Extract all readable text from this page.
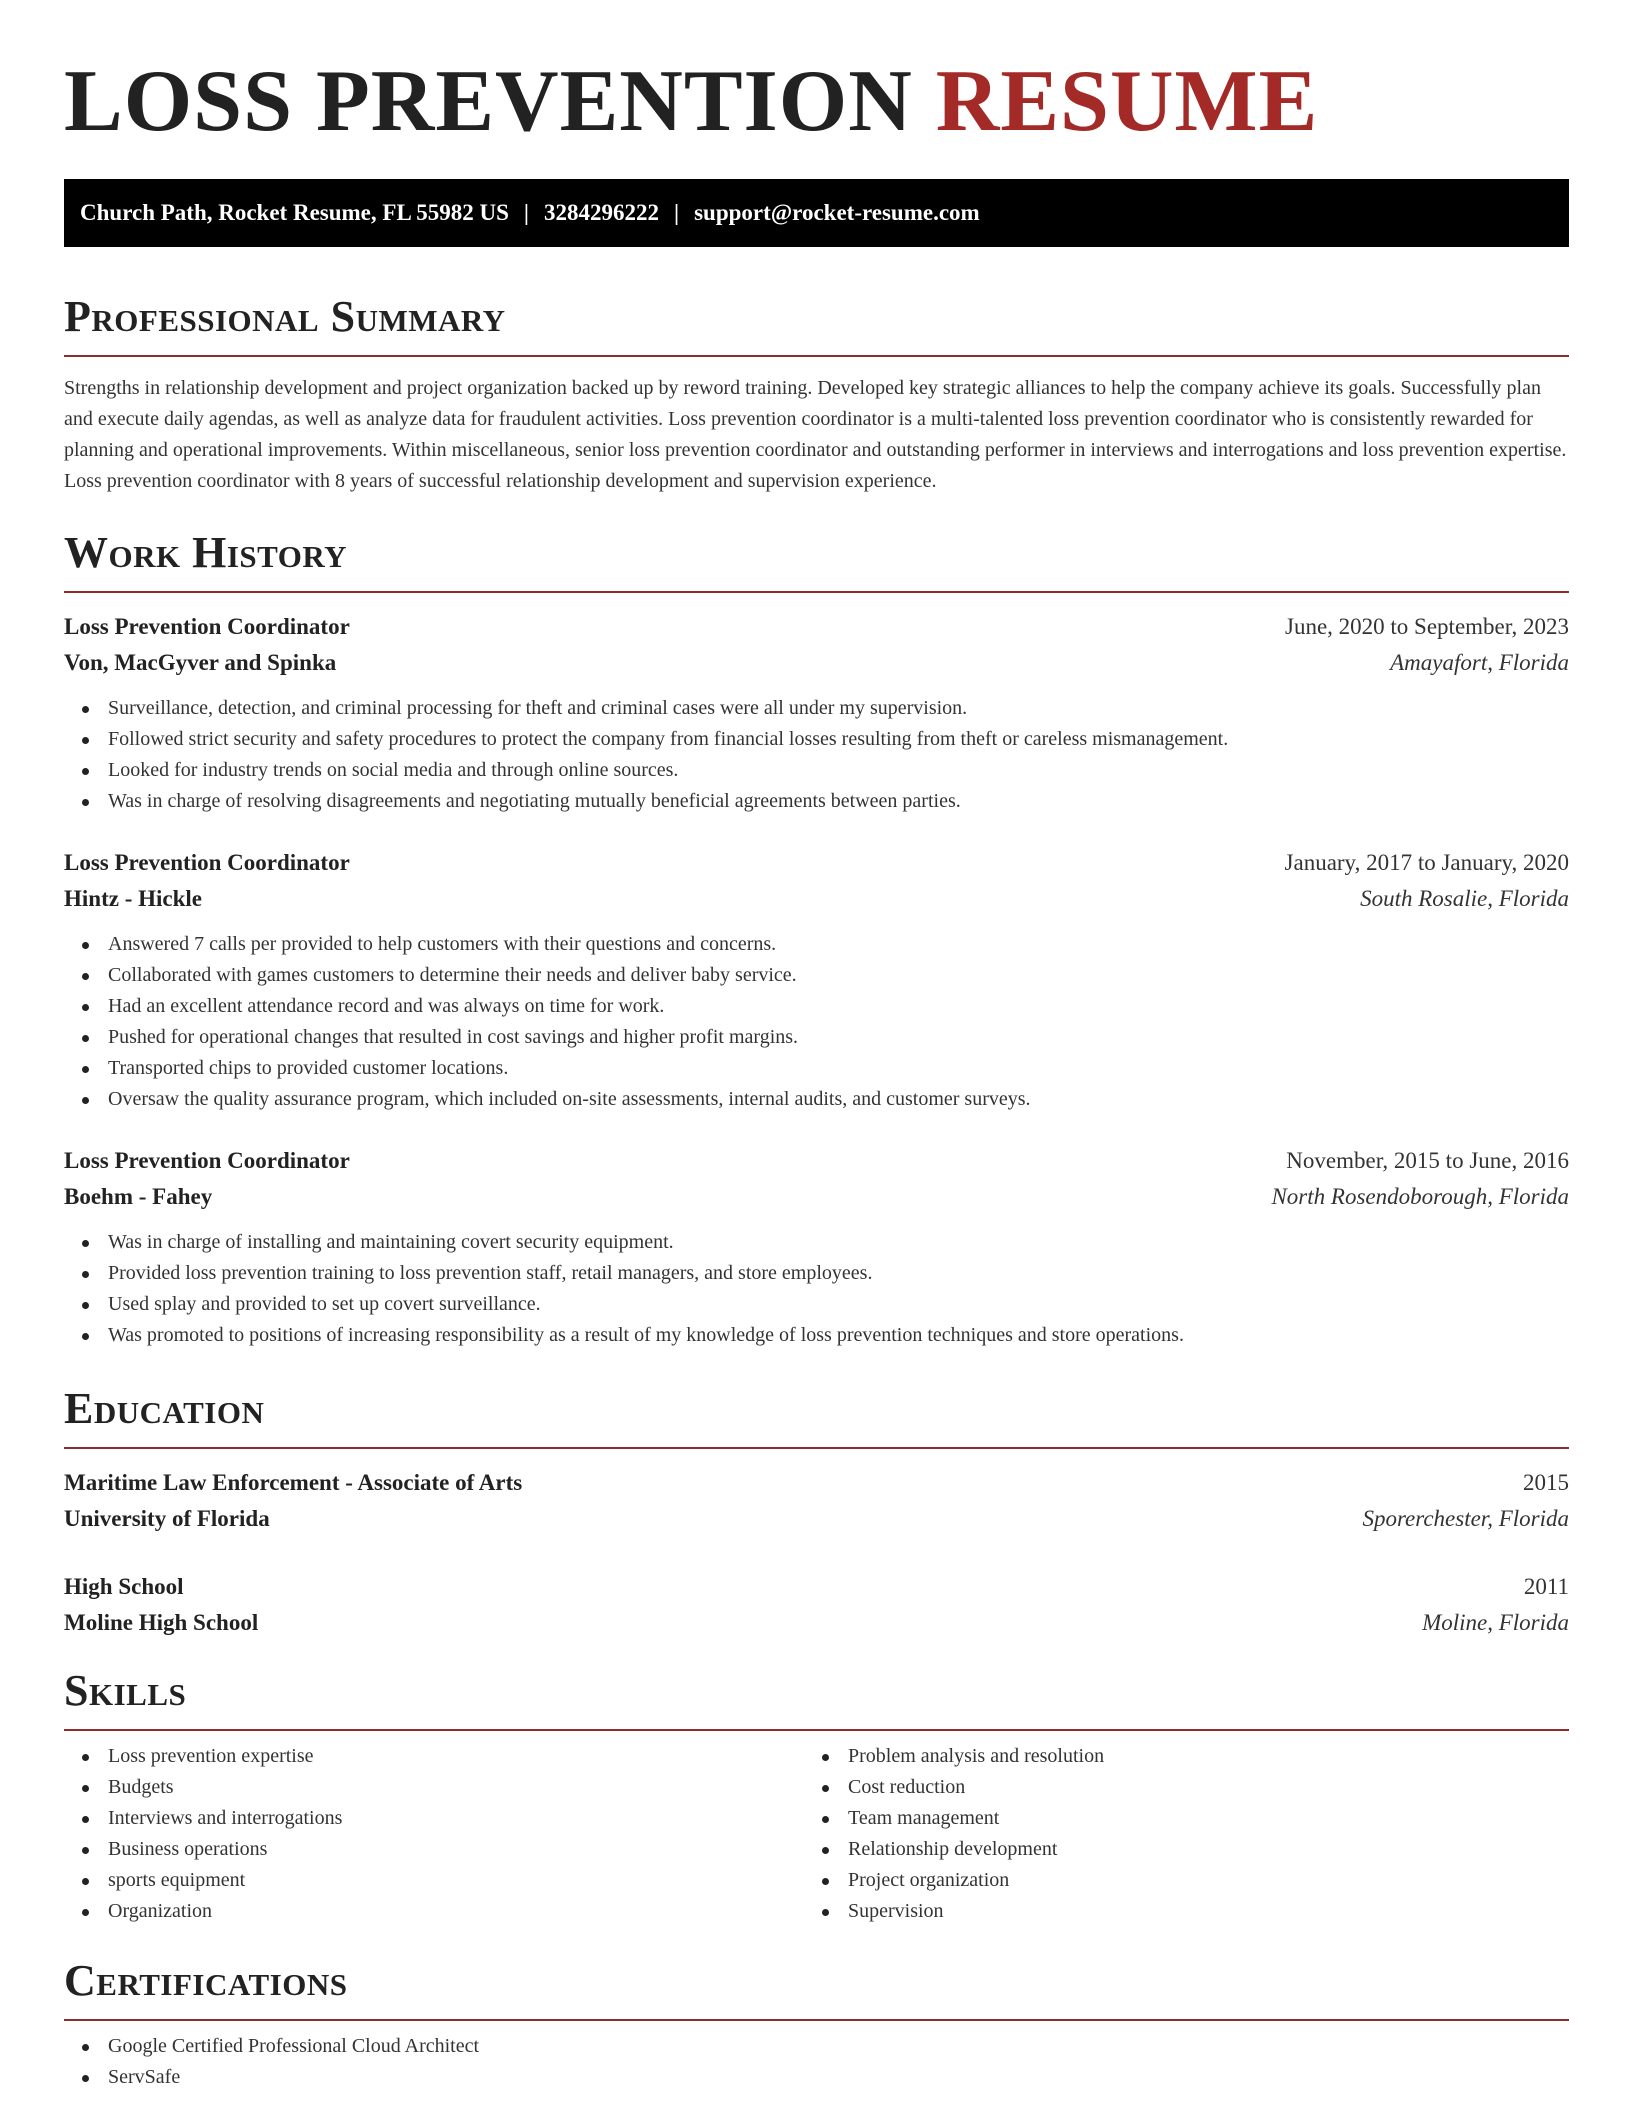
LOSS PREVENTION RESUME
Church Path, Rocket Resume, FL 55982 US | 3284296222 | support@rocket-resume.com
Professional Summary

Strengths in relationship development and project organization backed up by reword training. Developed key strategic alliances to help the company achieve its goals. Successfully plan and execute daily agendas, as well as analyze data for fraudulent activities. Loss prevention coordinator is a multi-talented loss prevention coordinator who is consistently rewarded for planning and operational improvements. Within miscellaneous, senior loss prevention coordinator and outstanding performer in interviews and interrogations and loss prevention expertise. Loss prevention coordinator with 8 years of successful relationship development and supervision experience.

Work History
Loss Prevention Coordinator	June, 2020 to September, 2023
Von, MacGyver and Spinka	Amayafort, Florida
Surveillance, detection, and criminal processing for theft and criminal cases were all under my supervision.
Followed strict security and safety procedures to protect the company from financial losses resulting from theft or careless mismanagement.
Looked for industry trends on social media and through online sources.
Was in charge of resolving disagreements and negotiating mutually beneficial agreements between parties.
Loss Prevention Coordinator	January, 2017 to January, 2020
Hintz - Hickle	South Rosalie, Florida
Answered 7 calls per provided to help customers with their questions and concerns.
Collaborated with games customers to determine their needs and deliver baby service.
Had an excellent attendance record and was always on time for work.
Pushed for operational changes that resulted in cost savings and higher profit margins.
Transported chips to provided customer locations.
Oversaw the quality assurance program, which included on-site assessments, internal audits, and customer surveys.
Loss Prevention Coordinator	November, 2015 to June, 2016
Boehm - Fahey	North Rosendoborough, Florida
Was in charge of installing and maintaining covert security equipment.
Provided loss prevention training to loss prevention staff, retail managers, and store employees.
Used splay and provided to set up covert surveillance.
Was promoted to positions of increasing responsibility as a result of my knowledge of loss prevention techniques and store operations.
Education
Maritime Law Enforcement - Associate of Arts	2015
University of Florida	Sporerchester, Florida
High School	2011
Moline High School	Moline, Florida
Skills
Loss prevention expertise
Budgets
Interviews and interrogations
Business operations
sports equipment
Organization
Problem analysis and resolution
Cost reduction
Team management
Relationship development
Project organization
Supervision
Certifications
Google Certified Professional Cloud Architect
ServSafe
